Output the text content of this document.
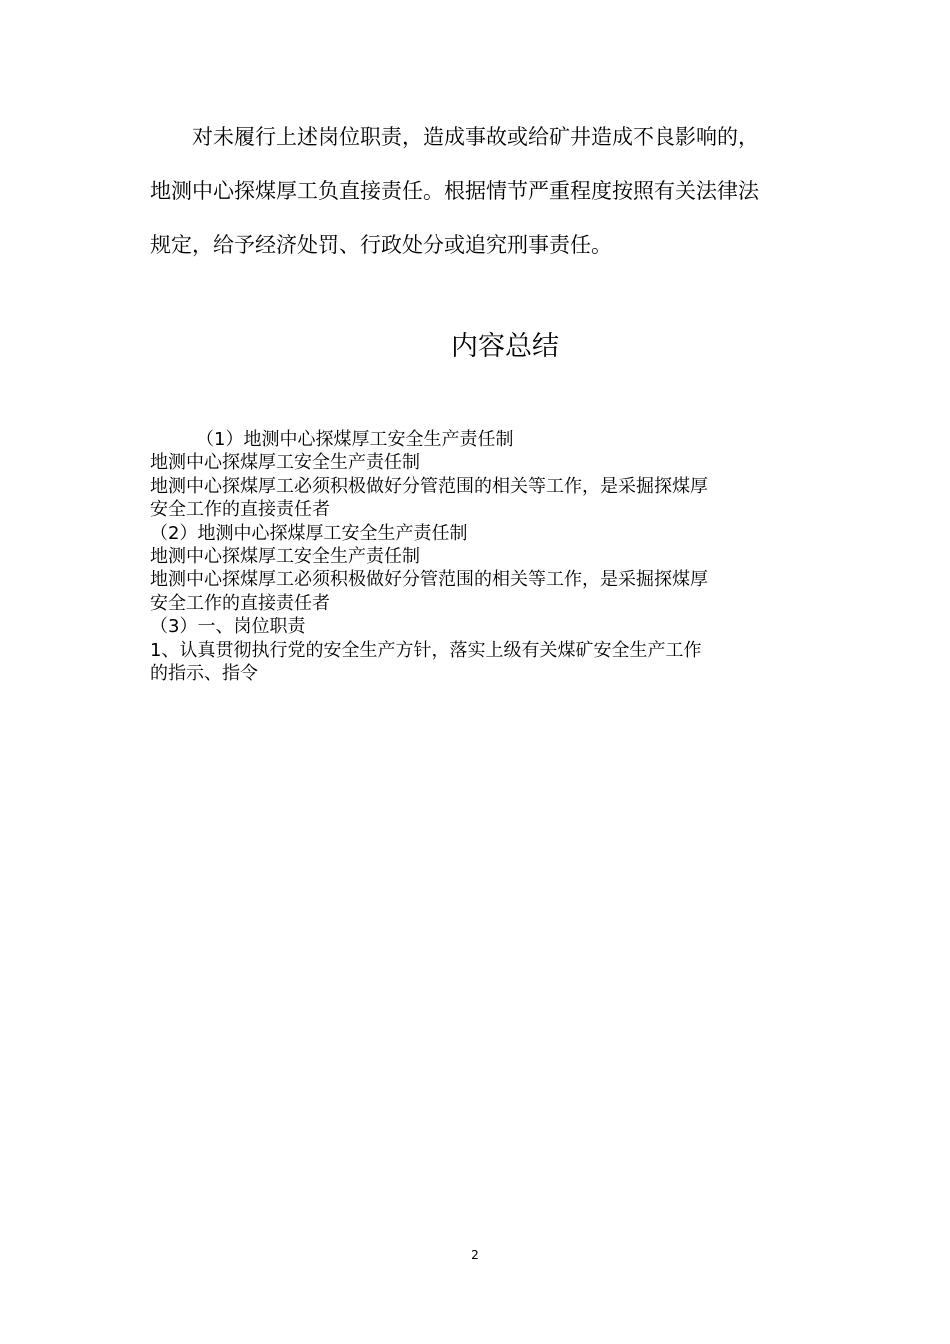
对未履行上述岗位职责，造成事故或给矿井造成不良影响的，

地测中心探煤厚工负直接责任。根据情节严重程度按照有关法律法

规定，给予经济处罚、行政处分或追究刑事责任。

内容总结

（1）地测中心探煤厚工安全生产责任制

地测中心探煤厚工安全生产责任制

地测中心探煤厚工必须积极做好分管范围的相关等工作，是采掘探煤厚

安全工作的直接责任者

（2）地测中心探煤厚工安全生产责任制

地测中心探煤厚工安全生产责任制

地测中心探煤厚工必须积极做好分管范围的相关等工作，是采掘探煤厚

安全工作的直接责任者

（3）一、岗位职责

1、认真贯彻执行党的安全生产方针，落实上级有关煤矿安全生产工作

的指示、指令

2
